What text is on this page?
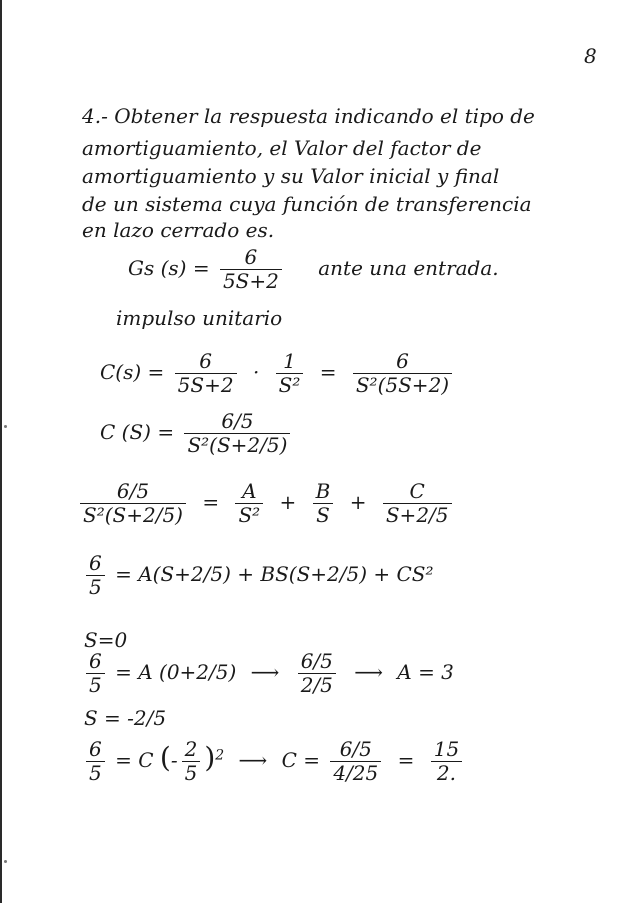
8
4.- Obtener la respuesta indicando el tipo de
amortiguamiento, el Valor del factor de
amortiguamiento y su Valor inicial y final
de un sistema cuya función de transferencia
en lazo cerrado es.
Gs $(s) = \frac{6}{5S+2}$ ante una entrada.
impulso unitario
$C(s) = \frac{6}{5S+2} \cdot \frac{1}{\text{S²}} = \frac{6}{\text{S²(5S+2)}}$
C $(S) = \frac{6/5}{\text{S²(S+2/5)}}$
$\frac{6/5}{\text{S²(S+2/5)}} = \frac{A}{\text{S²}} + \frac{B}{S} + \frac{C}{S+2/5}$
$\frac{6}{5} = A(S+2/5) + BS(S+2/5) + CS^2$
S=0
$\frac{6}{5} = A$ (0+2/5) ⟶ $\frac{6/5}{2/5}$ ⟶ A = 3
S = -2/5
$\frac{6}{5} = C$ (- $\frac{2}{5} )^2$ ⟶ $C = \frac{6/5}{4/25} = \frac{15}{2.}$
